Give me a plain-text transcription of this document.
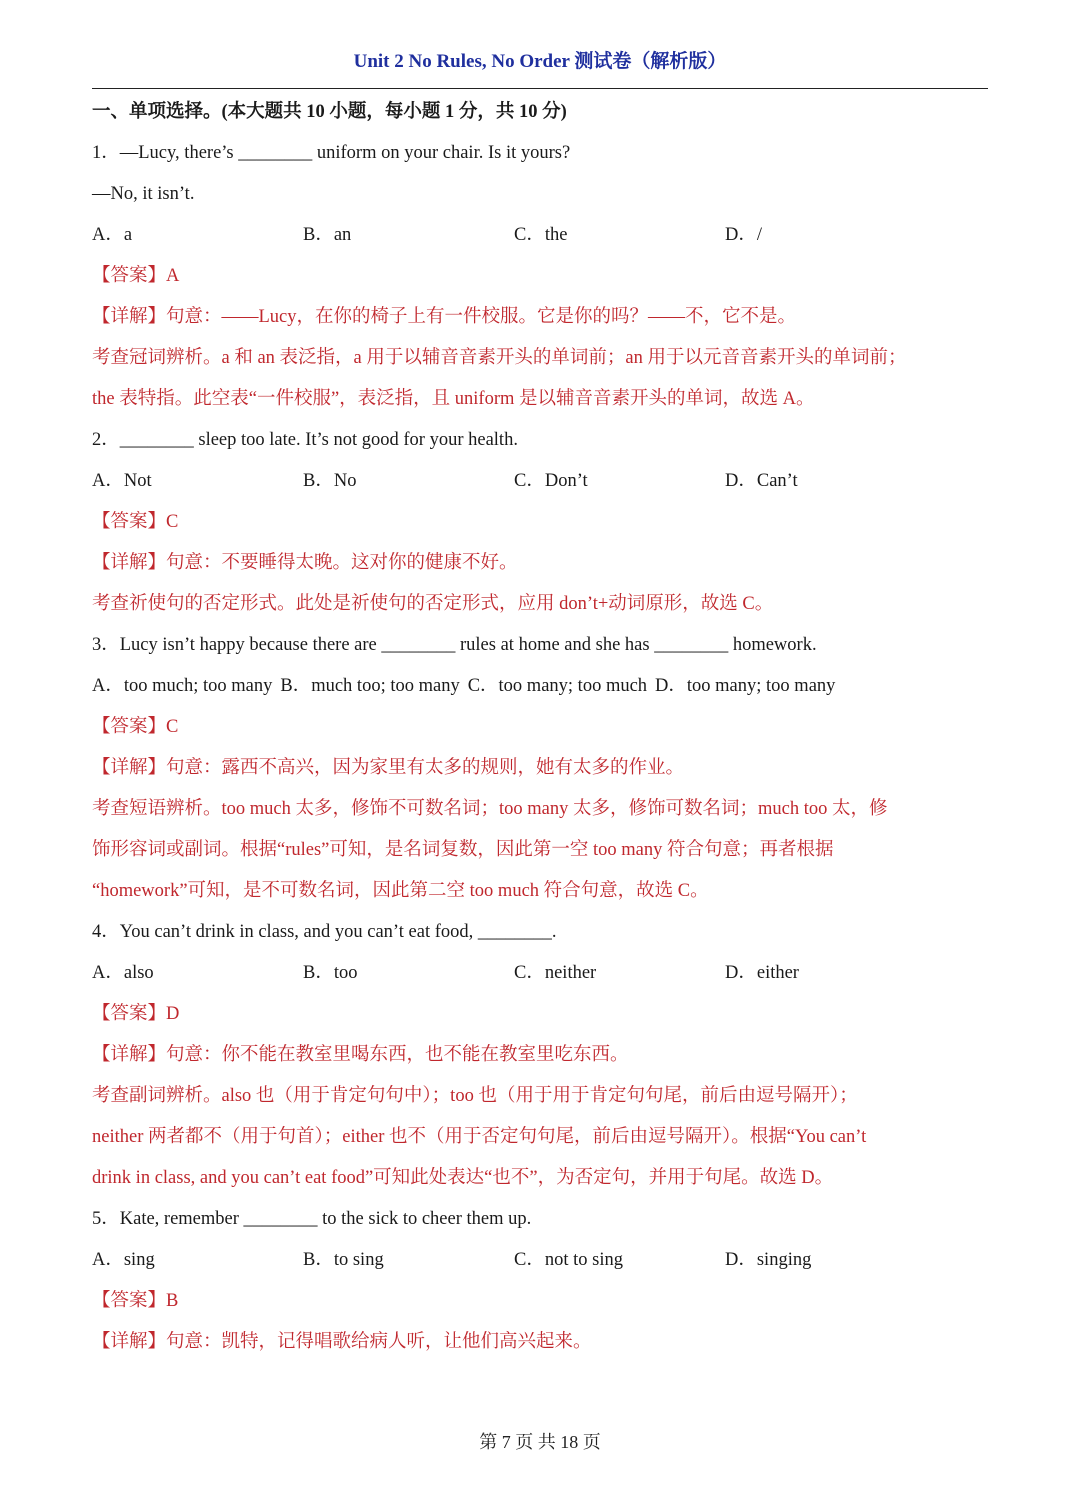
Unit 2 No Rules, No Order 测试卷（解析版）
一、单项选择。(本大题共 10 小题，每小题 1 分，共 10 分)
1．—Lucy, there’s ________ uniform on your chair. Is it yours?
—No, it isn’t.
A．a	B．an	C．the	D．/
【答案】A
【详解】句意：——Lucy，在你的椅子上有一件校服。它是你的吗？——不，它不是。
考查冠词辨析。a 和 an 表泛指，a 用于以辅音音素开头的单词前；an 用于以元音音素开头的单词前；
the 表特指。此空表“一件校服”，表泛指，且 uniform 是以辅音音素开头的单词，故选 A。
2．________ sleep too late. It’s not good for your health.
A．Not	B．No	C．Don’t	D．Can’t
【答案】C
【详解】句意：不要睡得太晚。这对你的健康不好。
考查祈使句的否定形式。此处是祈使句的否定形式，应用 don’t+动词原形，故选 C。
3．Lucy isn’t happy because there are ________ rules at home and she has ________ homework.
A．too much; too many B．much too; too many C．too many; too much D．too many; too many
【答案】C
【详解】句意：露西不高兴，因为家里有太多的规则，她有太多的作业。
考查短语辨析。too much 太多，修饰不可数名词；too many 太多，修饰可数名词；much too 太，修
饰形容词或副词。根据“rules”可知，是名词复数，因此第一空 too many 符合句意；再者根据
“homework”可知，是不可数名词，因此第二空 too much 符合句意，故选 C。
4．You can’t drink in class, and you can’t eat food, ________.
A．also	B．too	C．neither	D．either
【答案】D
【详解】句意：你不能在教室里喝东西，也不能在教室里吃东西。
考查副词辨析。also 也（用于肯定句句中）；too 也（用于用于肯定句句尾，前后由逗号隔开）；
neither 两者都不（用于句首）；either 也不（用于否定句句尾，前后由逗号隔开）。根据“You can’t
drink in class, and you can’t eat food”可知此处表达“也不”，为否定句，并用于句尾。故选 D。
5．Kate, remember ________ to the sick to cheer them up.
A．sing	B．to sing	C．not to sing	D．singing
【答案】B
【详解】句意：凯特，记得唱歌给病人听，让他们高兴起来。
第 7 页 共 18 页
